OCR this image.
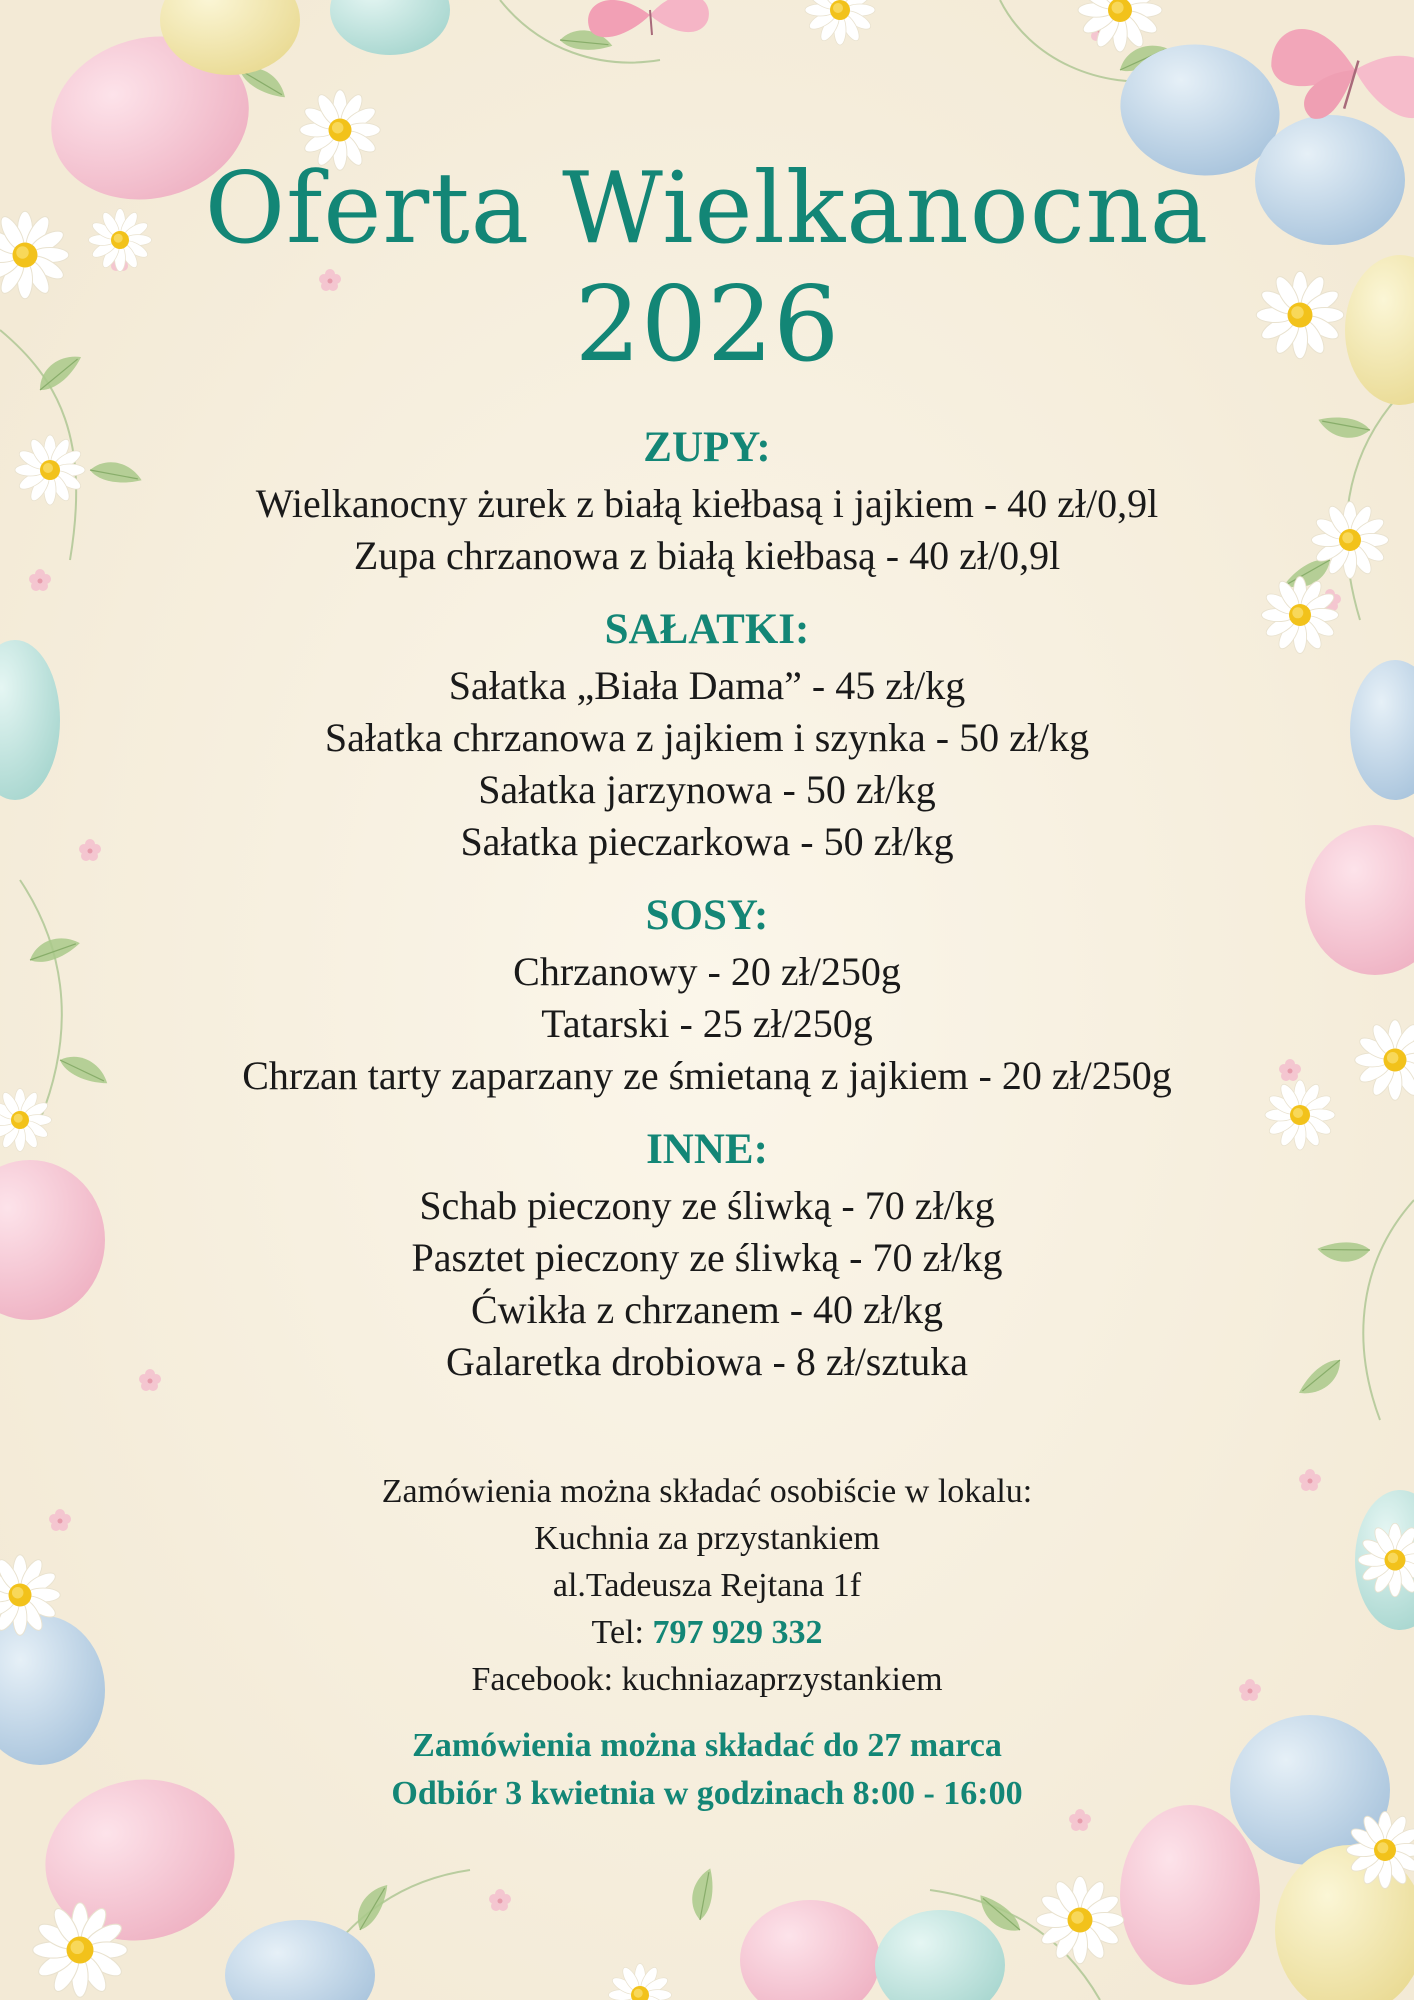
Oferta Wielkanocna
2026

ZUPY:

Wielkanocny żurek z białą kiełbasą i jajkiem - 40 zł/0,9l

Zupa chrzanowa z białą kiełbasą - 40 zł/0,9l

SAŁATKI:

Sałatka „Biała Dama” - 45 zł/kg

Sałatka chrzanowa z jajkiem i szynka - 50 zł/kg

Sałatka jarzynowa - 50 zł/kg

Sałatka pieczarkowa - 50 zł/kg

SOSY:

Chrzanowy - 20 zł/250g

Tatarski - 25 zł/250g

Chrzan tarty zaparzany ze śmietaną z jajkiem - 20 zł/250g

INNE:

Schab pieczony ze śliwką - 70 zł/kg

Pasztet pieczony ze śliwką - 70 zł/kg

Ćwikła z chrzanem - 40 zł/kg

Galaretka drobiowa - 8 zł/sztuka

Zamówienia można składać osobiście w lokalu:

Kuchnia za przystankiem

al.Tadeusza Rejtana 1f

Tel: 797 929 332

Facebook: kuchniazaprzystankiem

Zamówienia można składać do 27 marca

Odbiór 3 kwietnia w godzinach 8:00 - 16:00
